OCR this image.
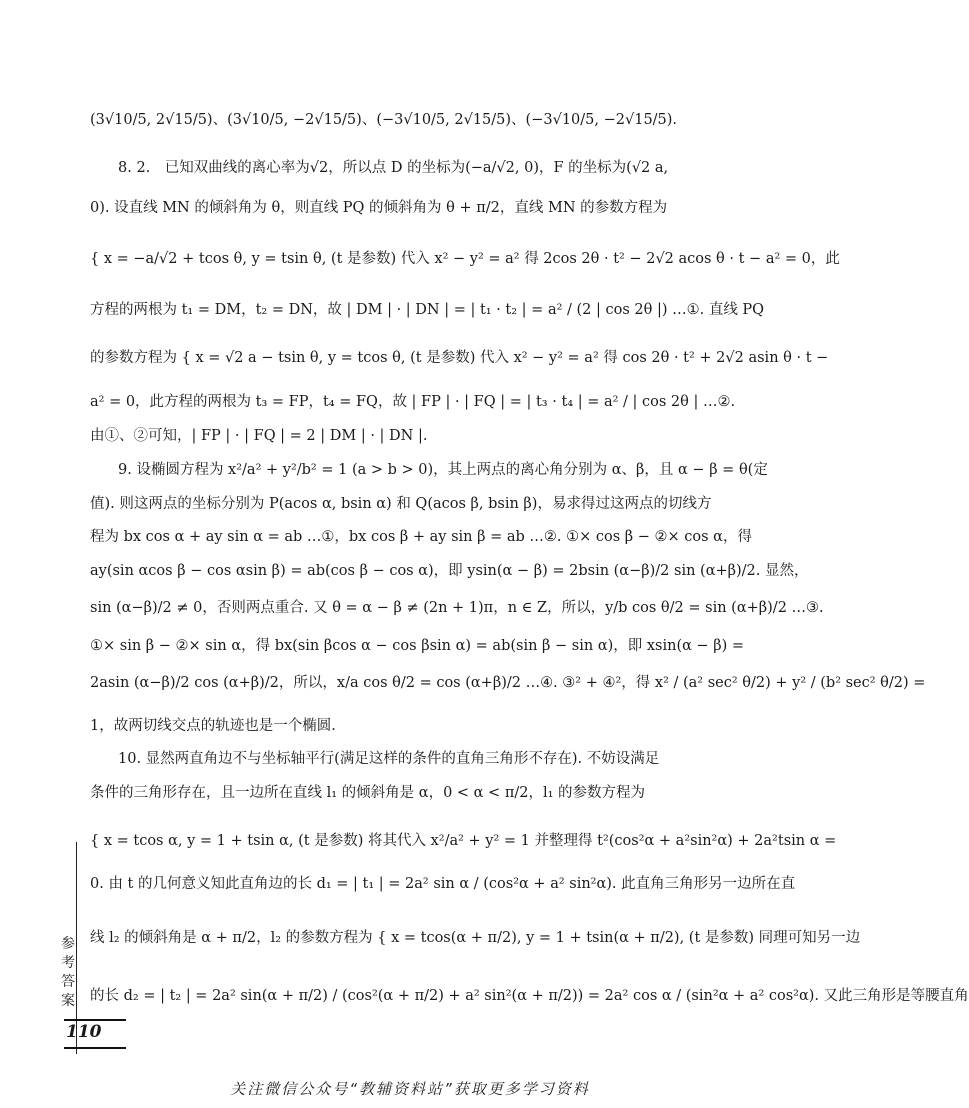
(3√10/5, 2√15/5)、(3√10/5, −2√15/5)、(−3√10/5, 2√15/5)、(−3√10/5, −2√15/5).
8. 2.　已知双曲线的离心率为√2，所以点 D 的坐标为(−a/√2, 0)，F 的坐标为(√2 a,
0). 设直线 MN 的倾斜角为 θ，则直线 PQ 的倾斜角为 θ + π/2，直线 MN 的参数方程为
{ x = −a/√2 + tcos θ, y = tsin θ, (t 是参数) 代入 x² − y² = a² 得 2cos 2θ · t² − 2√2 acos θ · t − a² = 0，此
方程的两根为 t₁ = DM，t₂ = DN，故 | DM | · | DN | = | t₁ · t₂ | = a² / (2 | cos 2θ |) …①. 直线 PQ
的参数方程为 { x = √2 a − tsin θ, y = tcos θ, (t 是参数) 代入 x² − y² = a² 得 cos 2θ · t² + 2√2 asin θ · t −
a² = 0，此方程的两根为 t₃ = FP，t₄ = FQ，故 | FP | · | FQ | = | t₃ · t₄ | = a² / | cos 2θ | …②.
由①、②可知，| FP | · | FQ | = 2 | DM | · | DN |.
9. 设椭圆方程为 x²/a² + y²/b² = 1 (a > b > 0)，其上两点的离心角分别为 α、β，且 α − β = θ(定
值). 则这两点的坐标分别为 P(acos α, bsin α) 和 Q(acos β, bsin β)，易求得过这两点的切线方
程为 bx cos α + ay sin α = ab …①，bx cos β + ay sin β = ab …②. ①× cos β − ②× cos α，得
ay(sin αcos β − cos αsin β) = ab(cos β − cos α)，即 ysin(α − β) = 2bsin (α−β)/2 sin (α+β)/2. 显然，
sin (α−β)/2 ≠ 0，否则两点重合. 又 θ = α − β ≠ (2n + 1)π，n ∈ Z，所以，y/b cos θ/2 = sin (α+β)/2 …③.
①× sin β − ②× sin α，得 bx(sin βcos α − cos βsin α) = ab(sin β − sin α)，即 xsin(α − β) =
2asin (α−β)/2 cos (α+β)/2，所以，x/a cos θ/2 = cos (α+β)/2 …④. ③² + ④²，得 x² / (a² sec² θ/2) + y² / (b² sec² θ/2) =
1，故两切线交点的轨迹也是一个椭圆.
10. 显然两直角边不与坐标轴平行(满足这样的条件的直角三角形不存在). 不妨设满足
条件的三角形存在，且一边所在直线 l₁ 的倾斜角是 α，0 < α < π/2，l₁ 的参数方程为
{ x = tcos α, y = 1 + tsin α, (t 是参数) 将其代入 x²/a² + y² = 1 并整理得 t²(cos²α + a²sin²α) + 2a²tsin α =
0. 由 t 的几何意义知此直角边的长 d₁ = | t₁ | = 2a² sin α / (cos²α + a² sin²α). 此直角三角形另一边所在直
线 l₂ 的倾斜角是 α + π/2，l₂ 的参数方程为 { x = tcos(α + π/2), y = 1 + tsin(α + π/2), (t 是参数) 同理可知另一边
的长 d₂ = | t₂ | = 2a² sin(α + π/2) / (cos²(α + π/2) + a² sin²(α + π/2)) = 2a² cos α / (sin²α + a² cos²α). 又此三角形是等腰直角
参考答案
110
关注微信公众号“教辅资料站”获取更多学习资料
